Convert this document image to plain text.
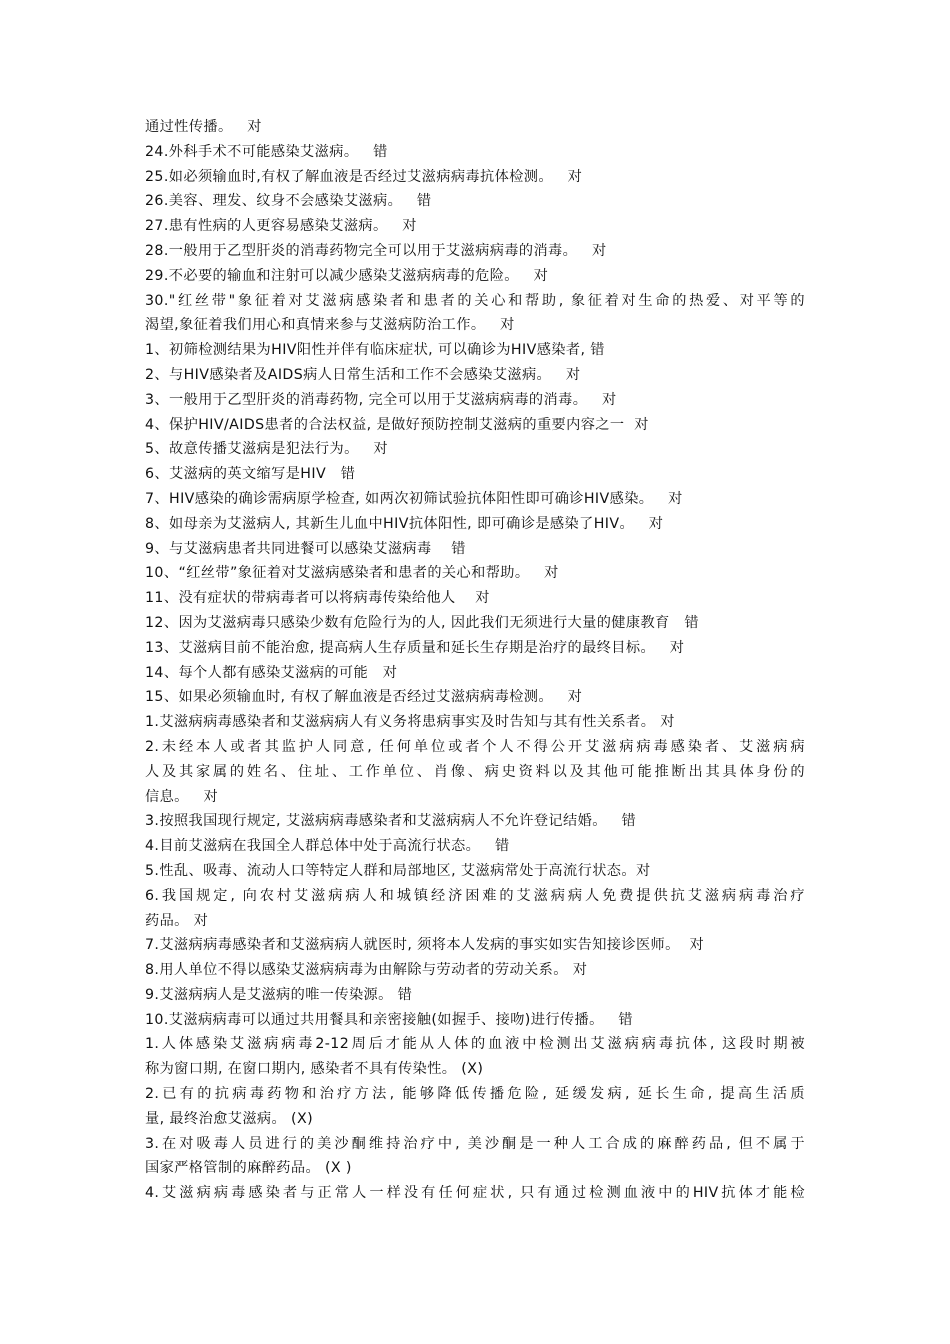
通过性传播。   对
24.外科手术不可能感染艾滋病。   错
25.如必须输血时,有权了解血液是否经过艾滋病病毒抗体检测。   对
26.美容、理发、纹身不会感染艾滋病。   错
27.患有性病的人更容易感染艾滋病。   对
28.一般用于乙型肝炎的消毒药物完全可以用于艾滋病病毒的消毒。   对
29.不必要的输血和注射可以减少感染艾滋病病毒的危险。   对
30."红丝带"象征着对艾滋病感染者和患者的关心和帮助, 象征着对生命的热爱、对平等的
渴望,象征着我们用心和真情来参与艾滋病防治工作。   对
1、初筛检测结果为HIV阳性并伴有临床症状, 可以确诊为HIV感染者, 错
2、与HIV感染者及AIDS病人日常生活和工作不会感染艾滋病。   对
3、一般用于乙型肝炎的消毒药物, 完全可以用于艾滋病病毒的消毒。   对
4、保护HIV/AIDS患者的合法权益, 是做好预防控制艾滋病的重要内容之一  对
5、故意传播艾滋病是犯法行为。   对
6、艾滋病的英文缩写是HIV   错
7、HIV感染的确诊需病原学检查, 如两次初筛试验抗体阳性即可确诊HIV感染。   对
8、如母亲为艾滋病人, 其新生儿血中HIV抗体阳性, 即可确诊是感染了HIV。   对
9、与艾滋病患者共同进餐可以感染艾滋病毒    错
10、“红丝带”象征着对艾滋病感染者和患者的关心和帮助。   对
11、没有症状的带病毒者可以将病毒传染给他人    对
12、因为艾滋病毒只感染少数有危险行为的人, 因此我们无须进行大量的健康教育   错
13、艾滋病目前不能治愈, 提高病人生存质量和延长生存期是治疗的最终目标。   对
14、每个人都有感染艾滋病的可能   对
15、如果必须输血时, 有权了解血液是否经过艾滋病病毒检测。   对
1.艾滋病病毒感染者和艾滋病病人有义务将患病事实及时告知与其有性关系者。 对
2.未经本人或者其监护人同意, 任何单位或者个人不得公开艾滋病病毒感染者、艾滋病病
人及其家属的姓名、住址、工作单位、肖像、病史资料以及其他可能推断出其具体身份的
信息。   对
3.按照我国现行规定, 艾滋病病毒感染者和艾滋病病人不允许登记结婚。   错
4.目前艾滋病在我国全人群总体中处于高流行状态。   错
5.性乱、吸毒、流动人口等特定人群和局部地区, 艾滋病常处于高流行状态。对
6.我国规定, 向农村艾滋病病人和城镇经济困难的艾滋病病人免费提供抗艾滋病病毒治疗
药品。 对
7.艾滋病病毒感染者和艾滋病病人就医时, 须将本人发病的事实如实告知接诊医师。  对
8.用人单位不得以感染艾滋病病毒为由解除与劳动者的劳动关系。 对
9.艾滋病病人是艾滋病的唯一传染源。 错
10.艾滋病病毒可以通过共用餐具和亲密接触(如握手、接吻)进行传播。   错
1.人体感染艾滋病病毒2-12周后才能从人体的血液中检测出艾滋病病毒抗体, 这段时期被
称为窗口期, 在窗口期内, 感染者不具有传染性。 (X)
2.已有的抗病毒药物和治疗方法, 能够降低传播危险, 延缓发病, 延长生命, 提高生活质
量, 最终治愈艾滋病。 (X)
3.在对吸毒人员进行的美沙酮维持治疗中, 美沙酮是一种人工合成的麻醉药品, 但不属于
国家严格管制的麻醉药品。 (X )
4.艾滋病病毒感染者与正常人一样没有任何症状, 只有通过检测血液中的HIV抗体才能检
